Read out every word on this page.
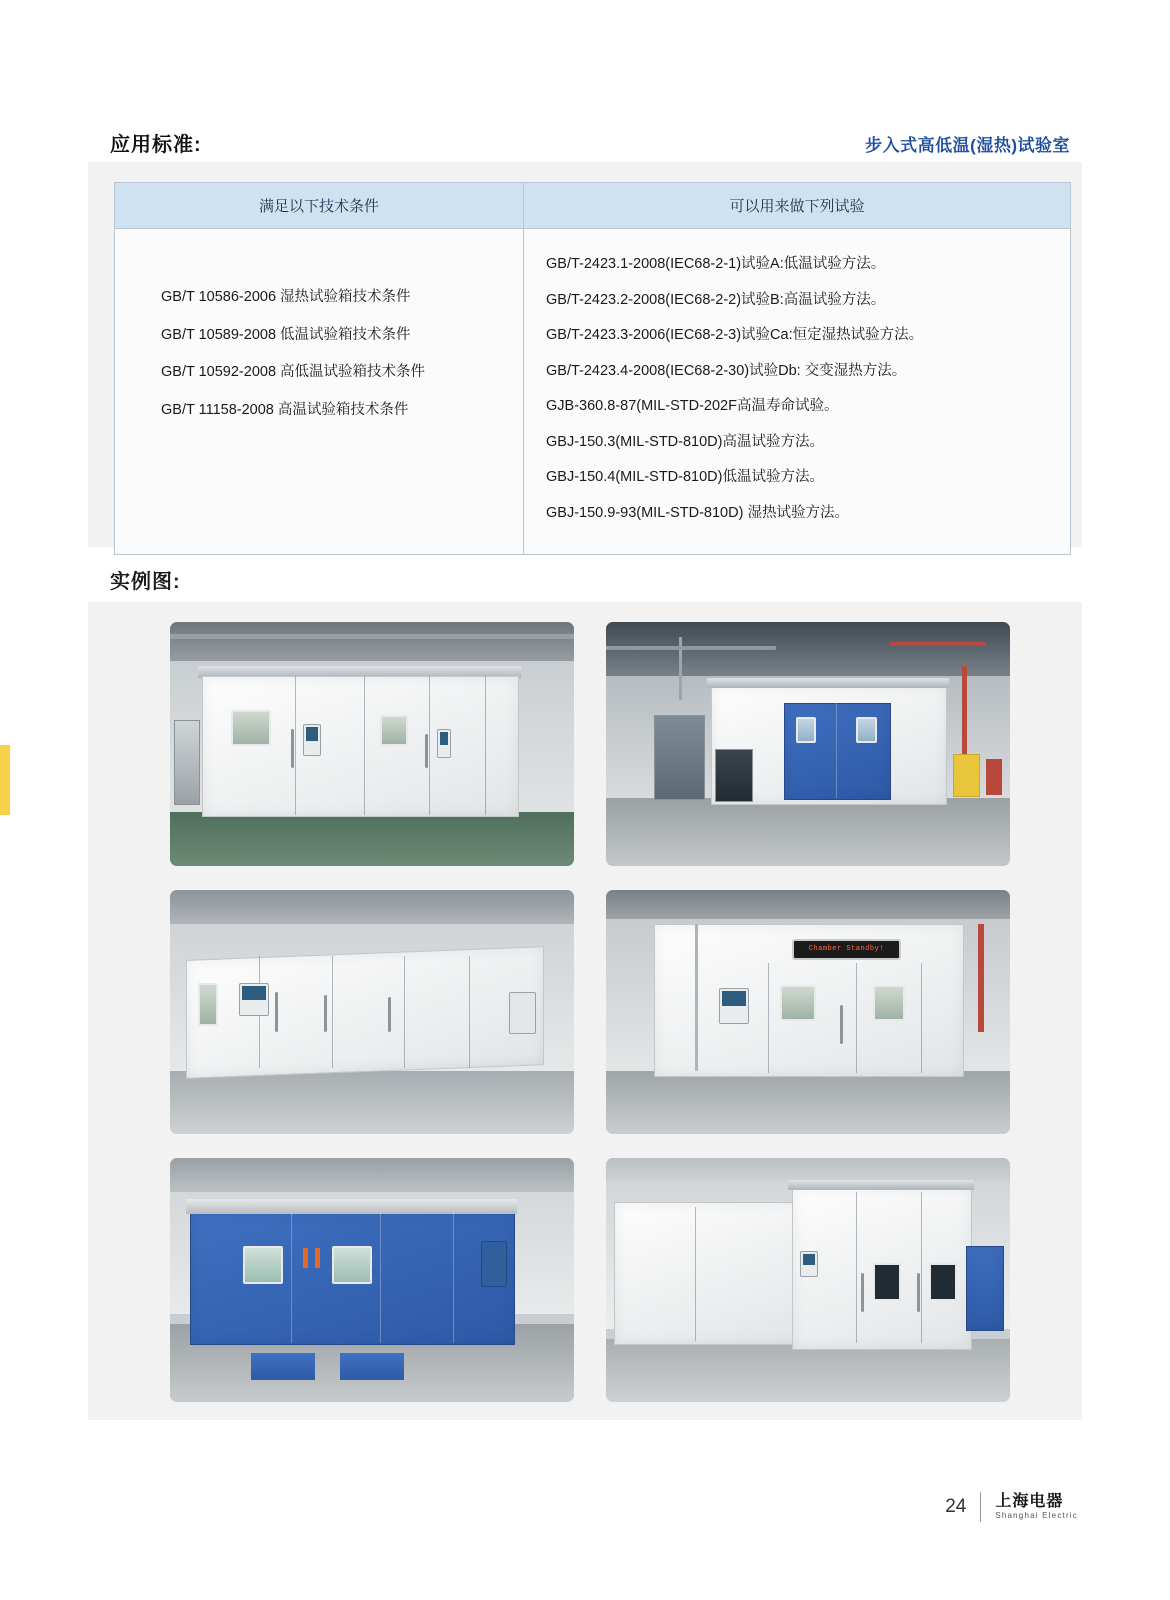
应用标准:	步入式高低温(湿热)试验室
满足以下技术条件	可以用来做下列试验

GB/T 10586-2006 湿热试验箱技术条件
GB/T 10589-2008 低温试验箱技术条件
GB/T 10592-2008 高低温试验箱技术条件
GB/T 11158-2008 高温试验箱技术条件

GB/T-2423.1-2008(IEC68-2-1)试验A:低温试验方法。
GB/T-2423.2-2008(IEC68-2-2)试验B:高温试验方法。
GB/T-2423.3-2006(IEC68-2-3)试验Ca:恒定湿热试验方法。
GB/T-2423.4-2008(IEC68-2-30)试验Db: 交变湿热方法。
GJB-360.8-87(MIL-STD-202F高温寿命试验。
GBJ-150.3(MIL-STD-810D)高温试验方法。
GBJ-150.4(MIL-STD-810D)低温试验方法。
GBJ-150.9-93(MIL-STD-810D) 湿热试验方法。
实例图:
Chamber Standby!
24 上海电器
Shanghai Electric
